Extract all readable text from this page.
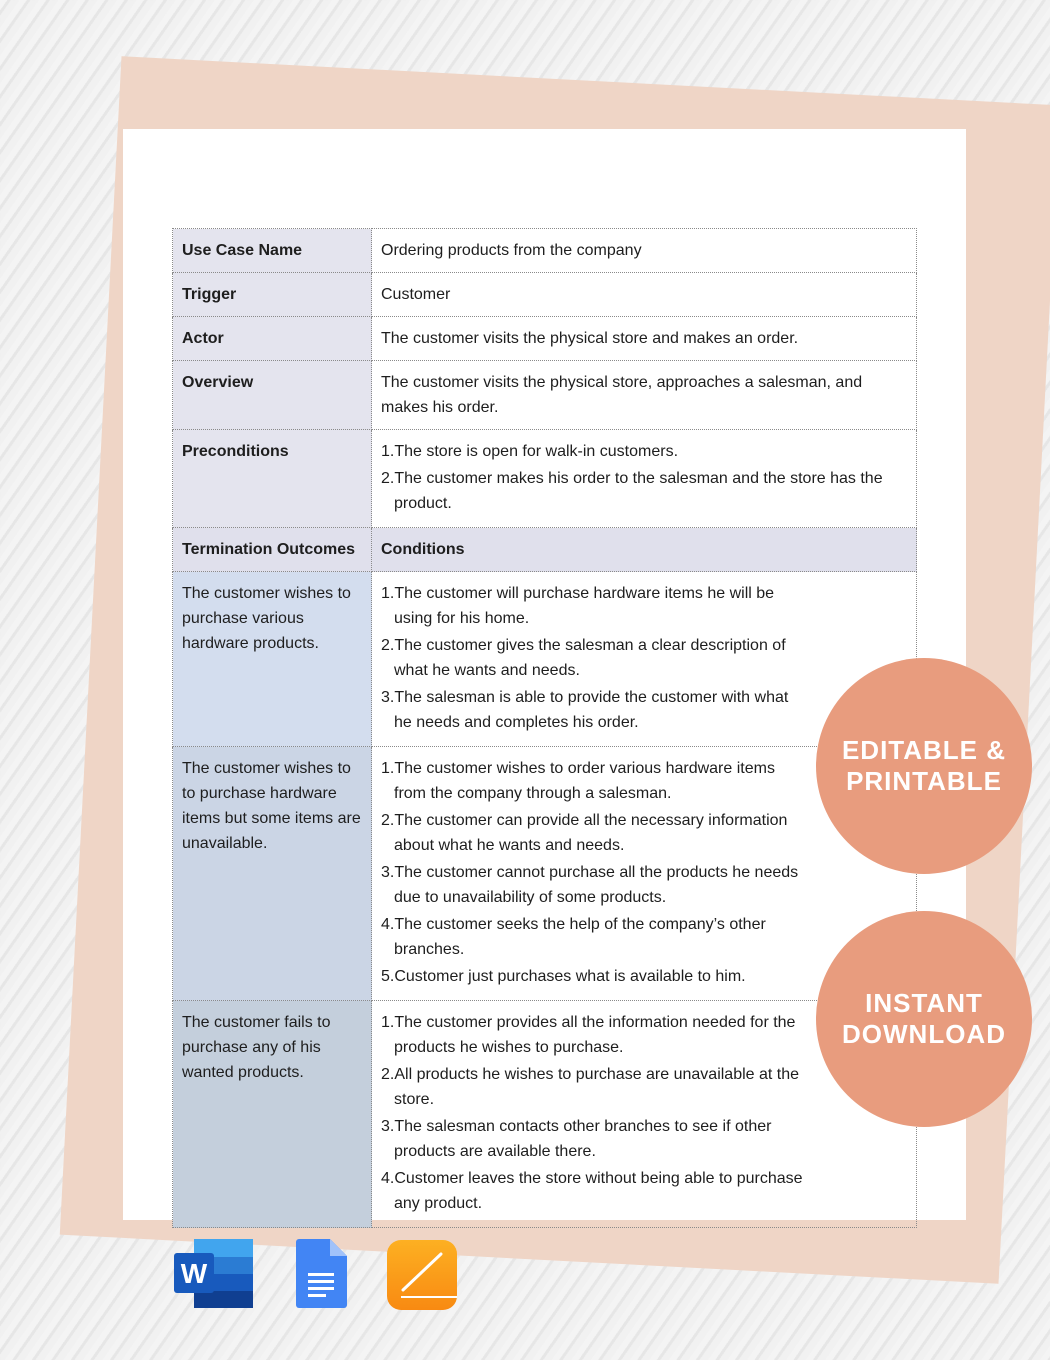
Use Case Name	Ordering products from the company
Trigger	Customer
Actor	The customer visits the physical store and makes an order.
Overview	The customer visits the physical store, approaches a salesman, and makes his order.
Preconditions	1.The store is open for walk-in customers.
2.The customer makes his order to the salesman and the store has the product.

Termination Outcomes	Conditions
The customer wishes to purchase various hardware products.	1.The customer will purchase hardware items he will be using for his home.
2.The customer gives the salesman a clear description of what he wants and needs.
3.The salesman is able to provide the customer with what he needs and completes his order.

The customer wishes to to purchase hardware items but some items are unavailable.	1.The customer wishes to order various hardware items from the company through a salesman.
2.The customer can provide all the necessary information about what he wants and needs.
3.The customer cannot purchase all the products he needs due to unavailability of some products.
4.The customer seeks the help of the company’s other branches.
5.Customer just purchases what is available to him.

The customer fails to purchase any of his wanted products.	1.The customer provides all the information needed for the products he wishes to purchase.
2.All products he wishes to purchase are unavailable at the store.
3.The salesman contacts other branches to see if other products are available there.
4.Customer leaves the store without being able to purchase any product.
EDITABLE & PRINTABLE
INSTANT DOWNLOAD
W
